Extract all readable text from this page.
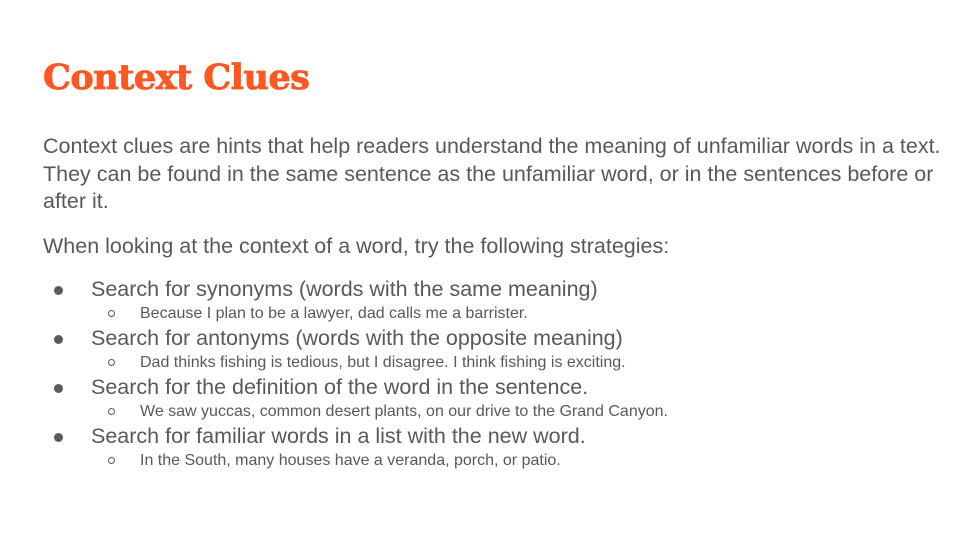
Context Clues

Context clues are hints that help readers understand the meaning of unfamiliar words in a text. They can be found in the same sentence as the unfamiliar word, or in the sentences before or after it.

When looking at the context of a word, try the following strategies:

Search for synonyms (words with the same meaning)
Because I plan to be a lawyer, dad calls me a barrister.
Search for antonyms (words with the opposite meaning)
Dad thinks fishing is tedious, but I disagree. I think fishing is exciting.
Search for the definition of the word in the sentence.
We saw yuccas, common desert plants, on our drive to the Grand Canyon.
Search for familiar words in a list with the new word.
In the South, many houses have a veranda, porch, or patio.
